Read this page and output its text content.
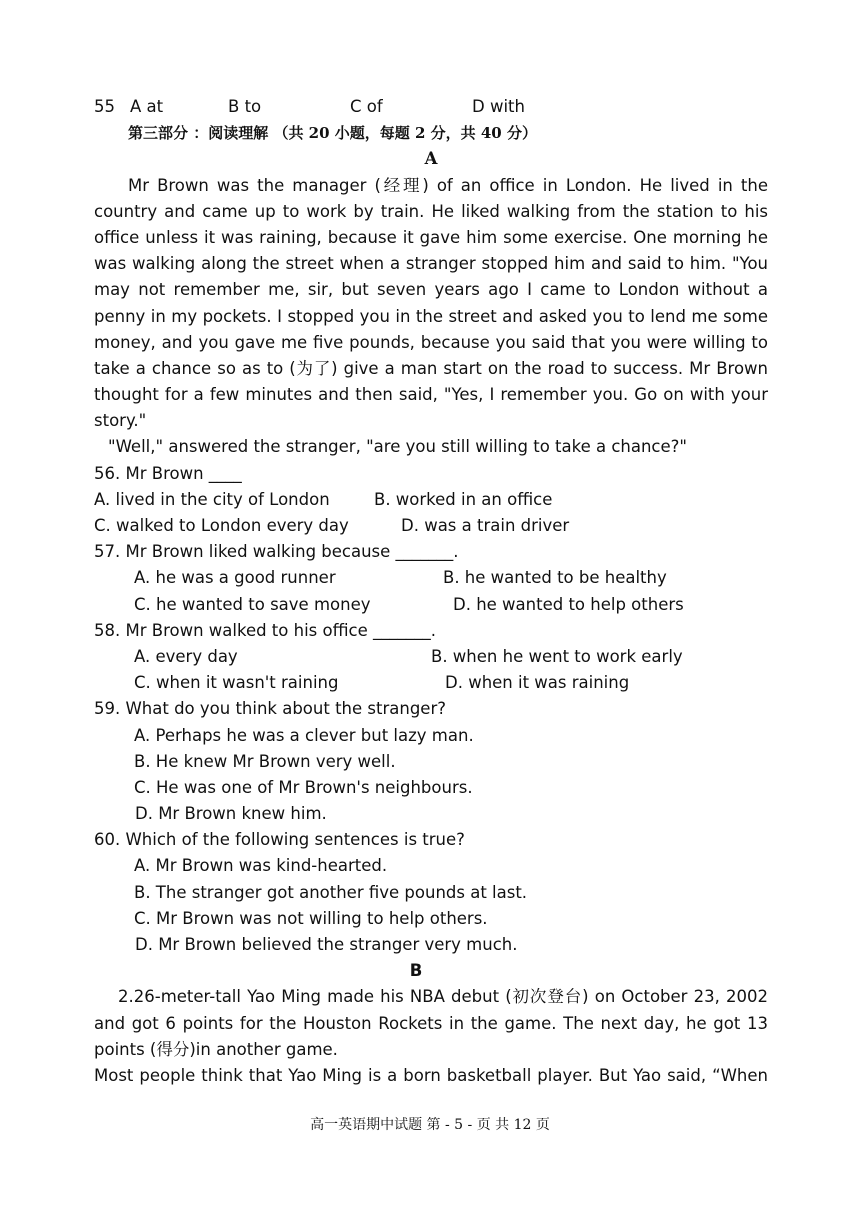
55 A at	B to	C of	D with
第三部分 ：阅读理解 （共 20 小题，每题 2 分，共 40 分）
A
Mr Brown was the manager (经理) of an office in London. He lived in the
country and came up to work by train. He liked walking from the station to his
office unless it was raining, because it gave him some exercise. One morning he
was walking along the street when a stranger stopped him and said to him. "You
may not remember me, sir, but seven years ago I came to London without a
penny in my pockets. I stopped you in the street and asked you to lend me some
money, and you gave me five pounds, because you said that you were willing to
take a chance so as to (为了) give a man start on the road to success. Mr Brown
thought for a few minutes and then said, "Yes, I remember you. Go on with your
story."
"Well," answered the stranger, "are you still willing to take a chance?"
56. Mr Brown ____
A. lived in the city of London	B. worked in an office
C. walked to London every day	D. was a train driver
57. Mr Brown liked walking because _______.
A. he was a good runner	B. he wanted to be healthy
C. he wanted to save money	D. he wanted to help others
58. Mr Brown walked to his office _______.
A. every day	B. when he went to work early
C. when it wasn't raining	D. when it was raining
59. What do you think about the stranger?
A. Perhaps he was a clever but lazy man.
B. He knew Mr Brown very well.
C. He was one of Mr Brown's neighbours.
D. Mr Brown knew him.
60. Which of the following sentences is true?
A. Mr Brown was kind-hearted.
B. The stranger got another five pounds at last.
C. Mr Brown was not willing to help others.
D. Mr Brown believed the stranger very much.
B
2.26-meter-tall Yao Ming made his NBA debut (初次登台) on October 23, 2002
and got 6 points for the Houston Rockets in the game. The next day, he got 13
points (得分)in another game.
Most people think that Yao Ming is a born basketball player. But Yao said, “When
高一英语期中试题 第 - 5 - 页 共 12 页
